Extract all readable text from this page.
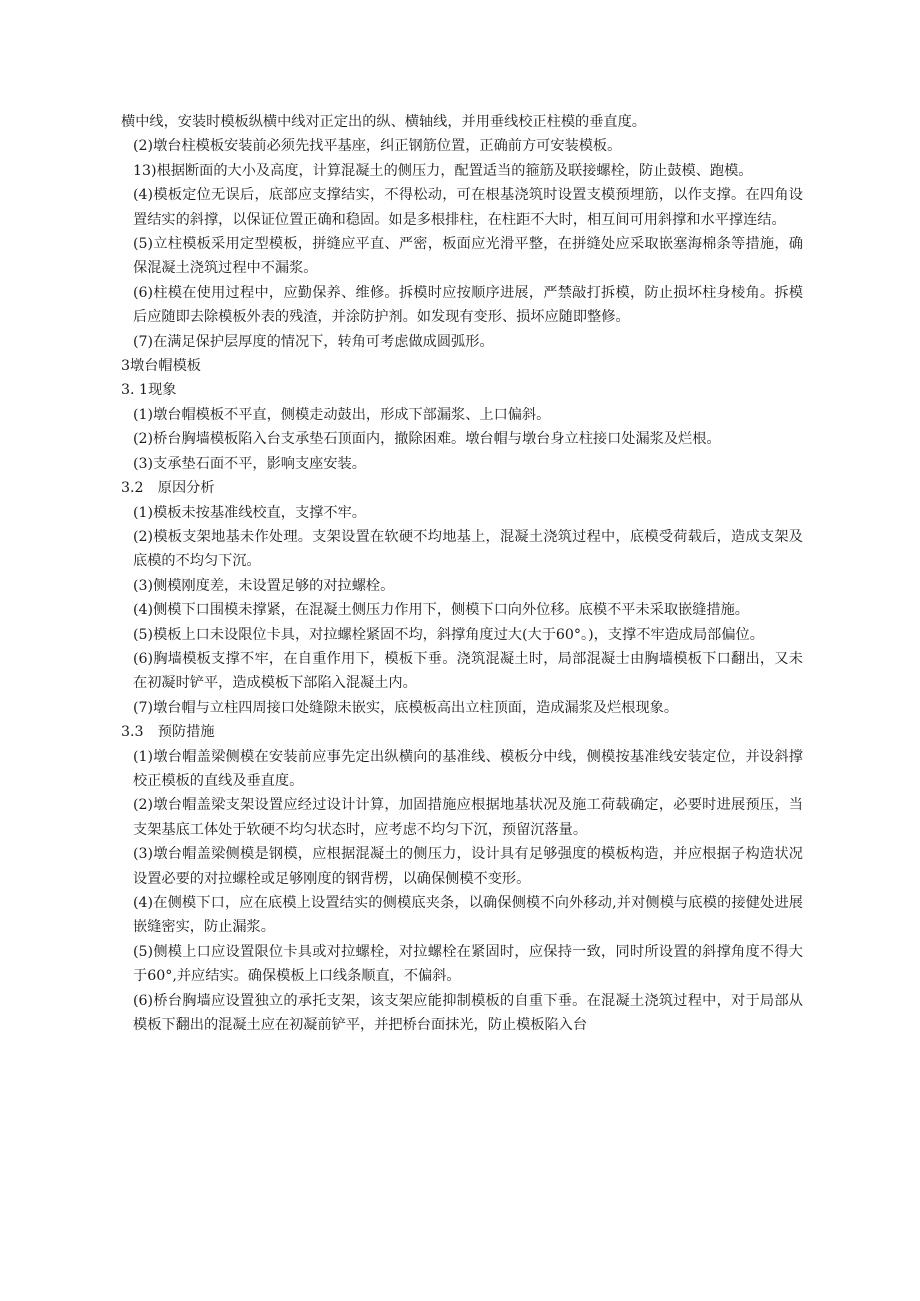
横中线，安装时模板纵横中线对正定出的纵、横轴线，并用垂线校正柱模的垂直度。

(2)墩台柱模板安装前必须先找平基座，纠正钢筋位置，正确前方可安装模板。

13)根据断面的大小及高度，计算混凝土的侧压力，配置适当的箍筋及联接螺栓，防止鼓模、跑模。

(4)模板定位无误后，底部应支撑结实，不得松动，可在根基浇筑时设置支模预埋筋，以作支撑。在四角设置结实的斜撑，以保证位置正确和稳固。如是多根排柱，在柱距不大时，相互间可用斜撑和水平撑连结。

(5)立柱模板采用定型模板，拼缝应平直、严密，板面应光滑平整，在拼缝处应采取嵌塞海棉条等措施，确保混凝土浇筑过程中不漏浆。

(6)柱模在使用过程中，应勤保养、维修。拆模时应按顺序进展，严禁敲打拆模，防止损坏柱身棱角。拆模后应随即去除模板外表的残渣，并涂防护剂。如发现有变形、损坏应随即整修。

(7)在满足保护层厚度的情况下，转角可考虑做成圆弧形。

3墩台帽模板

3. 1现象

(1)墩台帽模板不平直，侧模走动鼓出，形成下部漏浆、上口偏斜。

(2)桥台胸墙模板陷入台支承垫石顶面内，撤除困难。墩台帽与墩台身立柱接口处漏浆及烂根。

(3)支承垫石面不平，影响支座安装。

3.2　原因分析

(1)模板未按基准线校直，支撑不牢。

(2)模板支架地基未作处理。支架设置在软硬不均地基上，混凝土浇筑过程中，底模受荷载后，造成支架及底模的不均匀下沉。

(3)侧模刚度差，未设置足够的对拉螺栓。

(4)侧模下口围模未撑紧，在混凝土侧压力作用下，侧模下口向外位移。底模不平未采取嵌缝措施。

(5)模板上口未设限位卡具，对拉螺栓紧固不均，斜撑角度过大(大于60°。)，支撑不牢造成局部偏位。

(6)胸墙模板支撑不牢，在自重作用下，模板下垂。浇筑混凝土时，局部混凝士由胸墙模板下口翻出，又未在初凝时铲平，造成模板下部陷入混凝土内。

(7)墩台帽与立柱四周接口处缝隙未嵌实，底模板高出立柱顶面，造成漏浆及烂根现象。

3.3　预防措施

(1)墩台帽盖梁侧模在安装前应事先定出纵横向的基准线、模板分中线，侧模按基准线安装定位，并设斜撑校正模板的直线及垂直度。

(2)墩台帽盖梁支架设置应经过设计计算，加固措施应根据地基状况及施工荷载确定，必要时进展预压，当支架基底工体处于软硬不均匀状态时，应考虑不均匀下沉，预留沉落量。

(3)墩台帽盖梁侧模是钢模，应根据混凝土的侧压力，设计具有足够强度的模板构造，并应根据子构造状况设置必要的对拉螺栓或足够刚度的钢背楞，以确保侧模不变形。

(4)在侧模下口，应在底模上设置结实的侧模底夹条，以确保侧模不向外移动,并对侧模与底模的接健处进展嵌缝密实，防止漏浆。

(5)侧模上口应设置限位卡具或对拉螺栓，对拉螺栓在紧固时，应保持一致，同时所设置的斜撑角度不得大于60°,并应结实。确保模板上口线条顺直，不偏斜。

(6)桥台胸墙应设置独立的承托支架，该支架应能抑制模板的自重下垂。在混凝土浇筑过程中，对于局部从模板下翻出的混凝土应在初凝前铲平，并把桥台面抹光，防止模板陷入台
